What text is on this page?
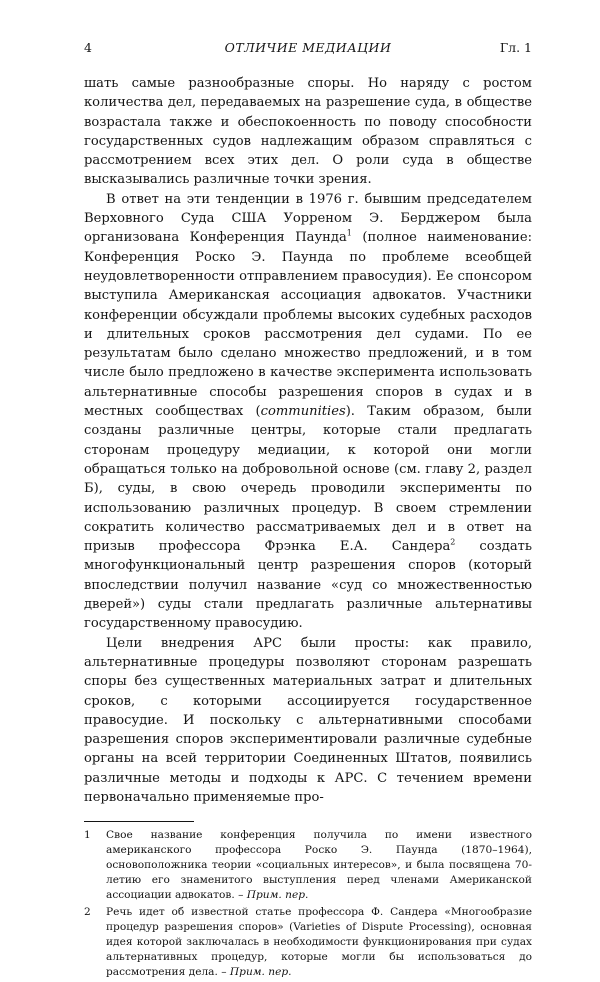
4	ОТЛИЧИЕ МЕДИАЦИИ	Гл. 1

шать самые разнообразные споры. Но наряду с ростом количества дел, передаваемых на разрешение суда, в обществе возрастала также и обеспокоенность по поводу способности государственных судов надлежащим образом справляться с рассмотрением всех этих дел. О роли суда в обществе высказывались различные точки зрения.

В ответ на эти тенденции в 1976 г. бывшим председателем Верховного Суда США Уорреном Э. Берджером была организована Конференция Паунда$^1$ (полное наименование: Конференция Роско Э. Паунда по проблеме всеобщей неудовлетворенности отправлением правосудия). Ее спонсором выступила Американская ассоциация адвокатов. Участники конференции обсуждали проблемы высоких судебных расходов и длительных сроков рассмотрения дел судами. По ее результатам было сделано множество предложений, и в том числе было предложено в качестве эксперимента использовать альтернативные способы разрешения споров в судах и в местных сообществах (communities). Таким образом, были созданы различные центры, которые стали предлагать сторонам процедуру медиации, к которой они могли обращаться только на добровольной основе (см. главу 2, раздел Б), суды, в свою очередь проводили эксперименты по использованию различных процедур. В своем стремлении сократить количество рассматриваемых дел и в ответ на призыв профессора Фрэнка Е.А. Сандера$^2$ создать многофункциональный центр разрешения споров (который впоследствии получил название «суд со множественностью дверей») суды стали предлагать различные альтернативы государственному правосудию.

Цели внедрения АРС были просты: как правило, альтернативные процедуры позволяют сторонам разрешать споры без существенных материальных затрат и длительных сроков, с которыми ассоциируется государственное правосудие. И поскольку с альтернативными способами разрешения споров экспериментировали различные судебные органы на всей территории Соединенных Штатов, появились различные методы и подходы к АРС. С течением времени первоначально применяемые про-

1 Свое название конференция получила по имени известного американского профессора Роско Э. Паунда (1870–1964), основоположника теории «социальных интересов», и была посвящена 70-летию его знаменитого выступления перед членами Американской ассоциации адвокатов. – Прим. пер.
2 Речь идет об известной статье профессора Ф. Сандера «Многообразие процедур разрешения споров» (Varieties of Dispute Processing), основная идея которой заключалась в необходимости функционирования при судах альтернативных процедур, которые могли бы использоваться до рассмотрения дела. – Прим. пер.
